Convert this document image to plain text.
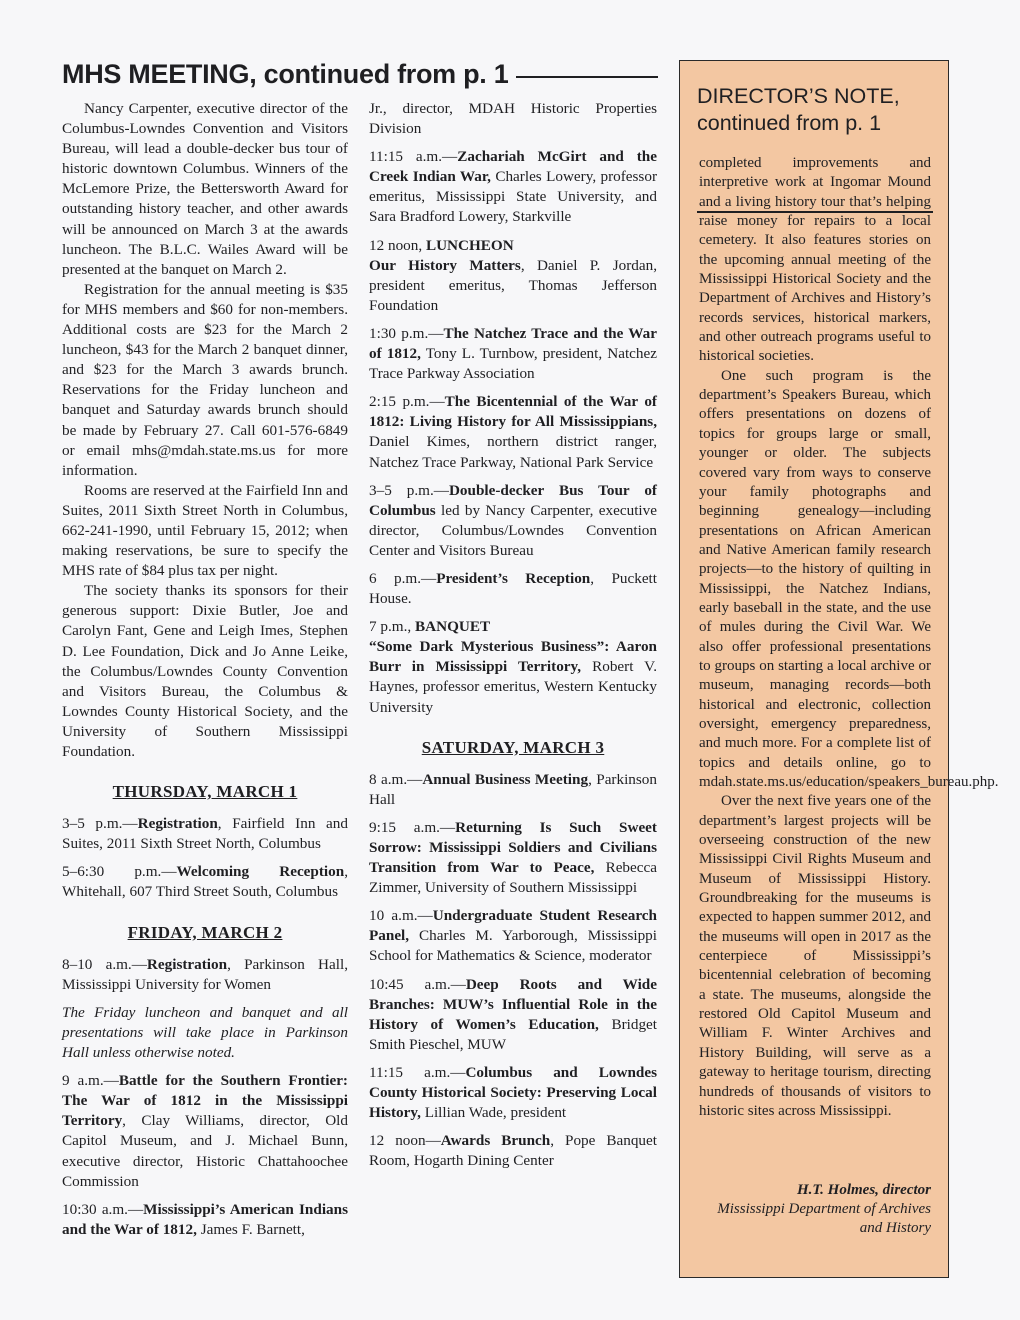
MHS MEETING, continued from p. 1

Nancy Carpenter, executive director of the Columbus-Lowndes Convention and Visitors Bureau, will lead a double-decker bus tour of historic downtown Columbus. Winners of the McLemore Prize, the Bettersworth Award for outstanding history teacher, and other awards will be announced on March 3 at the awards luncheon. The B.L.C. Wailes Award will be presented at the banquet on March 2.

Registration for the annual meeting is $35 for MHS members and $60 for non-members. Additional costs are $23 for the March 2 luncheon, $43 for the March 2 banquet dinner, and $23 for the March 3 awards brunch. Reservations for the Friday luncheon and banquet and Saturday awards brunch should be made by February 27. Call 601-576-6849 or email mhs@mdah.state.ms.us for more information.

Rooms are reserved at the Fairfield Inn and Suites, 2011 Sixth Street North in Columbus, 662-241-1990, until February 15, 2012; when making reservations, be sure to specify the MHS rate of $84 plus tax per night.

The society thanks its sponsors for their generous support: Dixie Butler, Joe and Carolyn Fant, Gene and Leigh Imes, Stephen D. Lee Foundation, Dick and Jo Anne Leike, the Columbus/Lowndes County Convention and Visitors Bureau, the Columbus & Lowndes County Historical Society, and the University of Southern Mississippi Foundation.

THURSDAY, MARCH 1

3–5 p.m.—Registration, Fairfield Inn and Suites, 2011 Sixth Street North, Columbus

5–6:30 p.m.—Welcoming Reception, Whitehall, 607 Third Street South, Columbus

FRIDAY, MARCH 2

8–10 a.m.—Registration, Parkinson Hall, Mississippi University for Women

The Friday luncheon and banquet and all presentations will take place in Parkinson Hall unless otherwise noted.

9 a.m.—Battle for the Southern Frontier: The War of 1812 in the Mississippi Territory, Clay Williams, director, Old Capitol Museum, and J. Michael Bunn, executive director, Historic Chattahoochee Commission

10:30 a.m.—Mississippi’s American Indians and the War of 1812, James F. Barnett,

Jr., director, MDAH Historic Properties Division

11:15 a.m.—Zachariah McGirt and the Creek Indian War, Charles Lowery, professor emeritus, Mississippi State University, and Sara Bradford Lowery, Starkville

12 noon, LUNCHEON
Our History Matters, Daniel P. Jordan, president emeritus, Thomas Jefferson Foundation

1:30 p.m.—The Natchez Trace and the War of 1812, Tony L. Turnbow, president, Natchez Trace Parkway Association

2:15 p.m.—The Bicentennial of the War of 1812: Living History for All Mississippians, Daniel Kimes, northern district ranger, Natchez Trace Parkway, National Park Service

3–5 p.m.—Double-decker Bus Tour of Columbus led by Nancy Carpenter, executive director, Columbus/Lowndes Convention Center and Visitors Bureau

6 p.m.—President’s Reception, Puckett House.

7 p.m., BANQUET
“Some Dark Mysterious Business”: Aaron Burr in Mississippi Territory, Robert V. Haynes, professor emeritus, Western Kentucky University

SATURDAY, MARCH 3

8 a.m.—Annual Business Meeting, Parkinson Hall

9:15 a.m.—Returning Is Such Sweet Sorrow: Mississippi Soldiers and Civilians Transition from War to Peace, Rebecca Zimmer, University of Southern Mississippi

10 a.m.—Undergraduate Student Research Panel, Charles M. Yarborough, Mississippi School for Mathematics & Science, moderator

10:45 a.m.—Deep Roots and Wide Branches: MUW’s Influential Role in the History of Women’s Education, Bridget Smith Pieschel, MUW

11:15 a.m.—Columbus and Lowndes County Historical Society: Preserving Local History, Lillian Wade, president

12 noon—Awards Brunch, Pope Banquet Room, Hogarth Dining Center

DIRECTOR’S NOTE, continued from p. 1

completed improvements and interpretive work at Ingomar Mound and a living history tour that’s helping raise money for repairs to a local cemetery. It also features stories on the upcoming annual meeting of the Mississippi Historical Society and the Department of Archives and History’s records services, historical markers, and other outreach programs useful to historical societies.

One such program is the department’s Speakers Bureau, which offers presentations on dozens of topics for groups large or small, younger or older. The subjects covered vary from ways to conserve your family photographs and beginning genealogy—including presentations on African American and Native American family research projects—to the history of quilting in Mississippi, the Natchez Indians, early baseball in the state, and the use of mules during the Civil War. We also offer professional presentations to groups on starting a local archive or museum, managing records—both historical and electronic, collection oversight, emergency preparedness, and much more. For a complete list of topics and details online, go to mdah.state.ms.us/education/speakers_bureau.php.

Over the next five years one of the department’s largest projects will be overseeing construction of the new Mississippi Civil Rights Museum and Museum of Mississippi History. Groundbreaking for the museums is expected to happen summer 2012, and the museums will open in 2017 as the centerpiece of Mississippi’s bicentennial celebration of becoming a state. The museums, alongside the restored Old Capitol Museum and William F. Winter Archives and History Building, will serve as a gateway to heritage tourism, directing hundreds of thousands of visitors to historic sites across Mississippi.

H.T. Holmes, director
Mississippi Department of Archives and History
